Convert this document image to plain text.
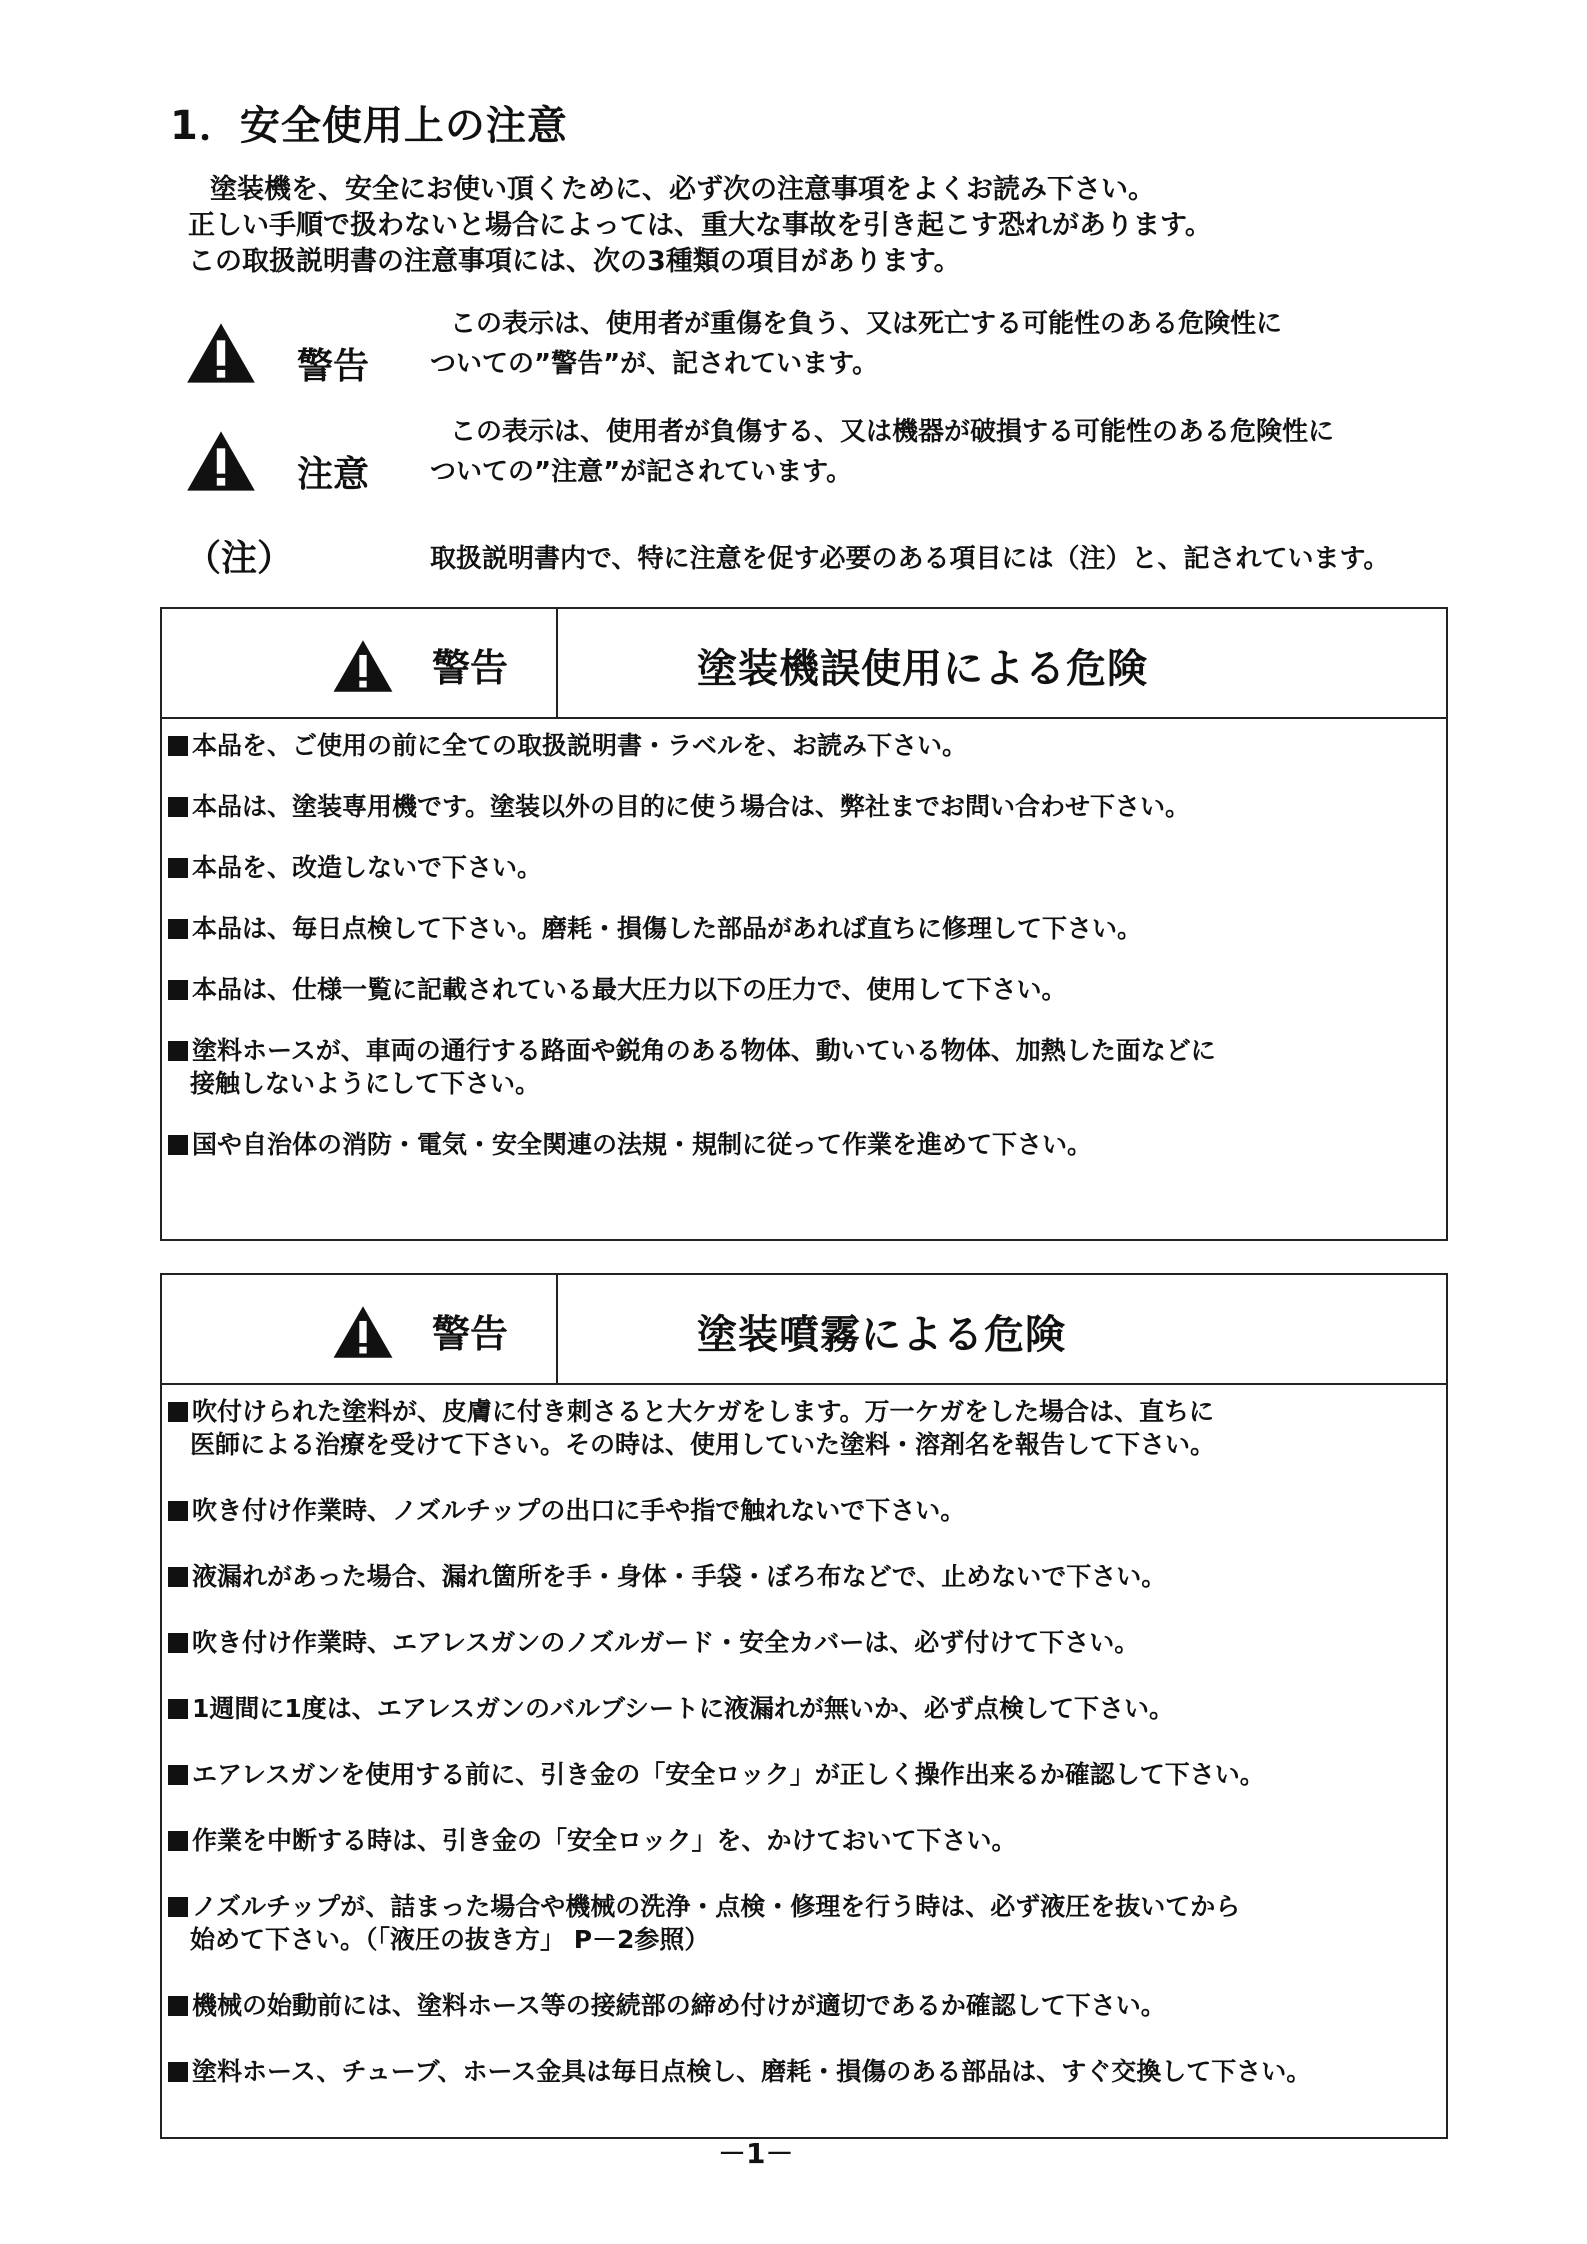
1．安全使用上の注意
塗装機を、安全にお使い頂くために、必ず次の注意事項をよくお読み下さい。
正しい手順で扱わないと場合によっては、重大な事故を引き起こす恐れがあります。
この取扱説明書の注意事項には、次の3種類の項目があります。
警告
この表示は、使用者が重傷を負う、又は死亡する可能性のある危険性に
ついての”警告”が、記されています。
注意
この表示は、使用者が負傷する、又は機器が破損する可能性のある危険性に
ついての”注意”が記されています。
（注）	取扱説明書内で、特に注意を促す必要のある項目には（注）と、記されています。
警告	塗装機誤使用による危険
本品を、ご使用の前に全ての取扱説明書・ラベルを、お読み下さい。
本品は、塗装専用機です。塗装以外の目的に使う場合は、弊社までお問い合わせ下さい。
本品を、改造しないで下さい。
本品は、毎日点検して下さい。磨耗・損傷した部品があれば直ちに修理して下さい。
本品は、仕様一覧に記載されている最大圧力以下の圧力で、使用して下さい。
塗料ホースが、車両の通行する路面や鋭角のある物体、動いている物体、加熱した面などに
接触しないようにして下さい。
国や自治体の消防・電気・安全関連の法規・規制に従って作業を進めて下さい。
警告	塗装噴霧による危険
吹付けられた塗料が、皮膚に付き刺さると大ケガをします。万一ケガをした場合は、直ちに
医師による治療を受けて下さい。その時は、使用していた塗料・溶剤名を報告して下さい。
吹き付け作業時、ノズルチップの出口に手や指で触れないで下さい。
液漏れがあった場合、漏れ箇所を手・身体・手袋・ぼろ布などで、止めないで下さい。
吹き付け作業時、エアレスガンのノズルガード・安全カバーは、必ず付けて下さい。
1週間に1度は、エアレスガンのバルブシートに液漏れが無いか、必ず点検して下さい。
エアレスガンを使用する前に、引き金の「安全ロック」が正しく操作出来るか確認して下さい。
作業を中断する時は、引き金の「安全ロック」を、かけておいて下さい。
ノズルチップが、詰まった場合や機械の洗浄・点検・修理を行う時は、必ず液圧を抜いてから
始めて下さい。（「液圧の抜き方」 P－2参照）
機械の始動前には、塗料ホース等の接続部の締め付けが適切であるか確認して下さい。
塗料ホース、チューブ、ホース金具は毎日点検し、磨耗・損傷のある部品は、すぐ交換して下さい。
－1－
